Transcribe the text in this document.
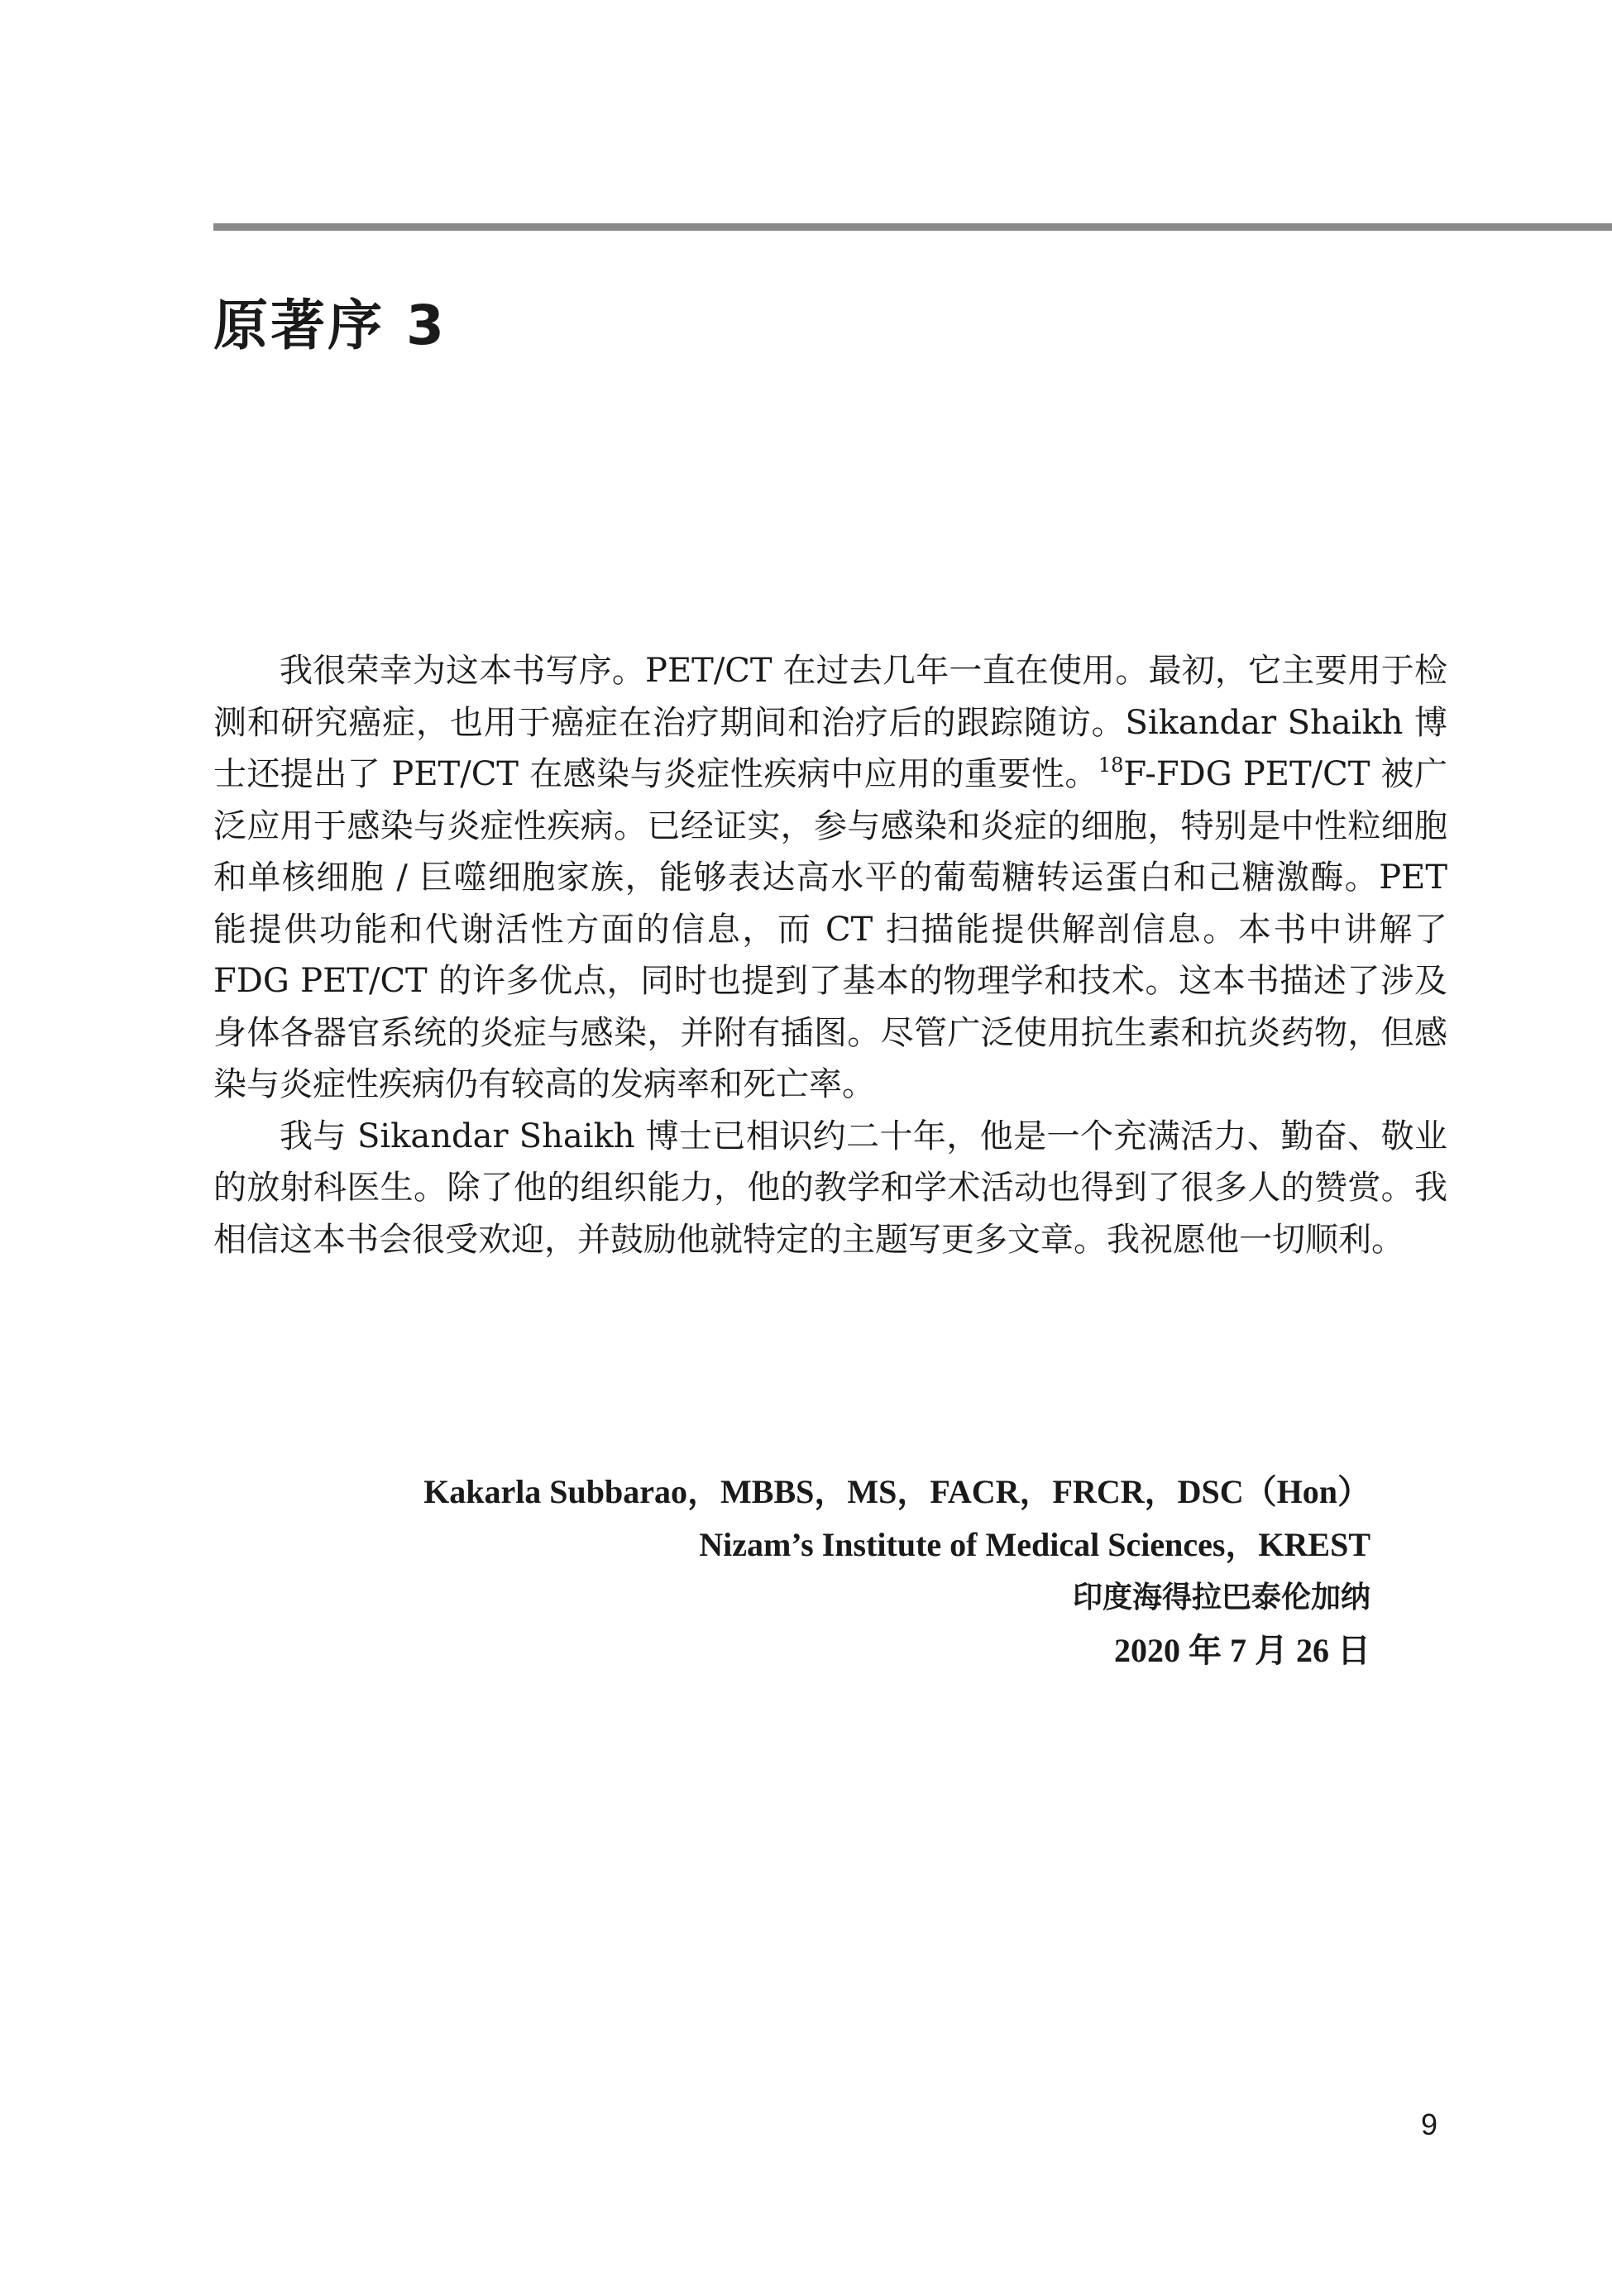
原著序 3

我很荣幸为这本书写序。PET/CT 在过去几年一直在使用。最初，它主要用于检测和研究癌症，也用于癌症在治疗期间和治疗后的跟踪随访。Sikandar Shaikh 博士还提出了 PET/CT 在感染与炎症性疾病中应用的重要性。$^{18}$F-FDG PET/CT 被广泛应用于感染与炎症性疾病。已经证实，参与感染和炎症的细胞，特别是中性粒细胞和单核细胞 / 巨噬细胞家族，能够表达高水平的葡萄糖转运蛋白和己糖激酶。PET 能提供功能和代谢活性方面的信息，而 CT 扫描能提供解剖信息。本书中讲解了 FDG PET/CT 的许多优点，同时也提到了基本的物理学和技术。这本书描述了涉及身体各器官系统的炎症与感染，并附有插图。尽管广泛使用抗生素和抗炎药物，但感染与炎症性疾病仍有较高的发病率和死亡率。

我与 Sikandar Shaikh 博士已相识约二十年，他是一个充满活力、勤奋、敬业的放射科医生。除了他的组织能力，他的教学和学术活动也得到了很多人的赞赏。我相信这本书会很受欢迎，并鼓励他就特定的主题写更多文章。我祝愿他一切顺利。

Kakarla Subbarao，MBBS，MS，FACR，FRCR，DSC（Hon）
Nizam’s Institute of Medical Sciences，KREST
印度海得拉巴泰伦加纳
2020 年 7 月 26 日
9
